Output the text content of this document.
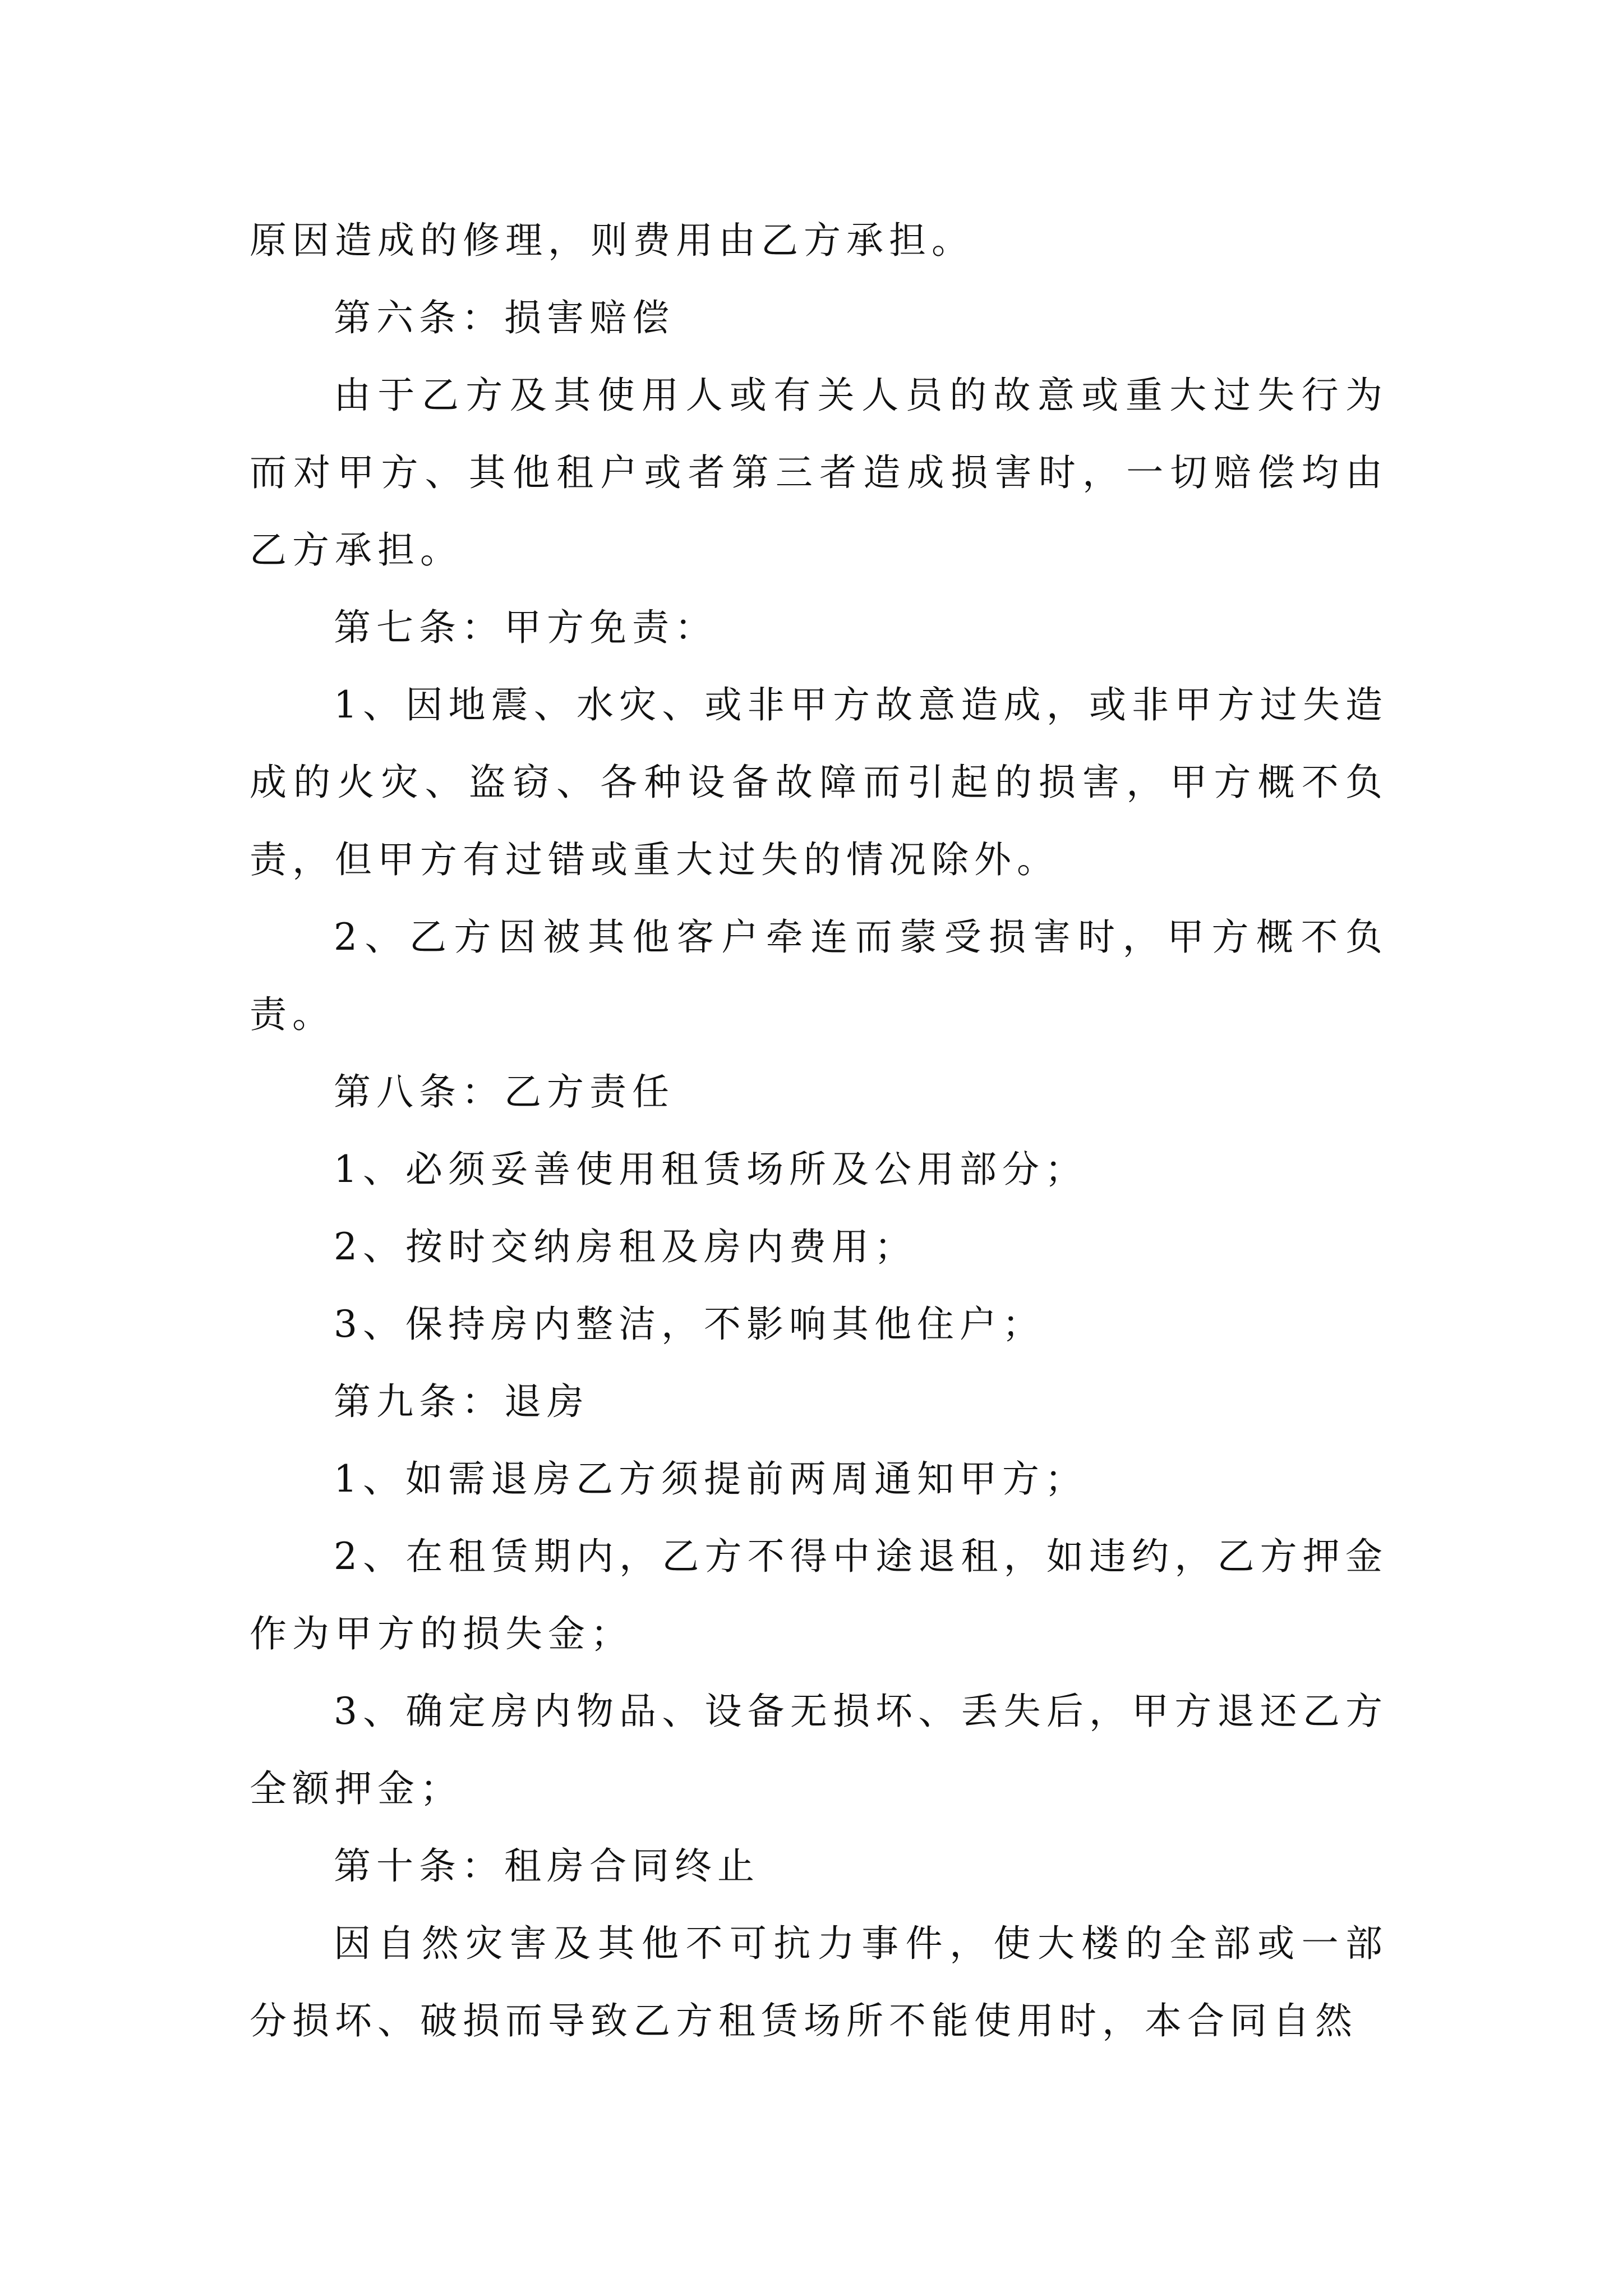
原因造成的修理，则费用由乙方承担。

第六条：损害赔偿

由于乙方及其使用人或有关人员的故意或重大过失行为而对甲方、其他租户或者第三者造成损害时，一切赔偿均由乙方承担。

第七条：甲方免责：

1、因地震、水灾、或非甲方故意造成，或非甲方过失造成的火灾、盗窃、各种设备故障而引起的损害，甲方概不负责，但甲方有过错或重大过失的情况除外。

2、乙方因被其他客户牵连而蒙受损害时，甲方概不负责。

第八条：乙方责任

1、必须妥善使用租赁场所及公用部分；

2、按时交纳房租及房内费用；

3、保持房内整洁，不影响其他住户；

第九条：退房

1、如需退房乙方须提前两周通知甲方；

2、在租赁期内，乙方不得中途退租，如违约，乙方押金作为甲方的损失金；

3、确定房内物品、设备无损坏、丢失后，甲方退还乙方全额押金；

第十条：租房合同终止

因自然灾害及其他不可抗力事件，使大楼的全部或一部分损坏、破损而导致乙方租赁场所不能使用时，本合同自然
